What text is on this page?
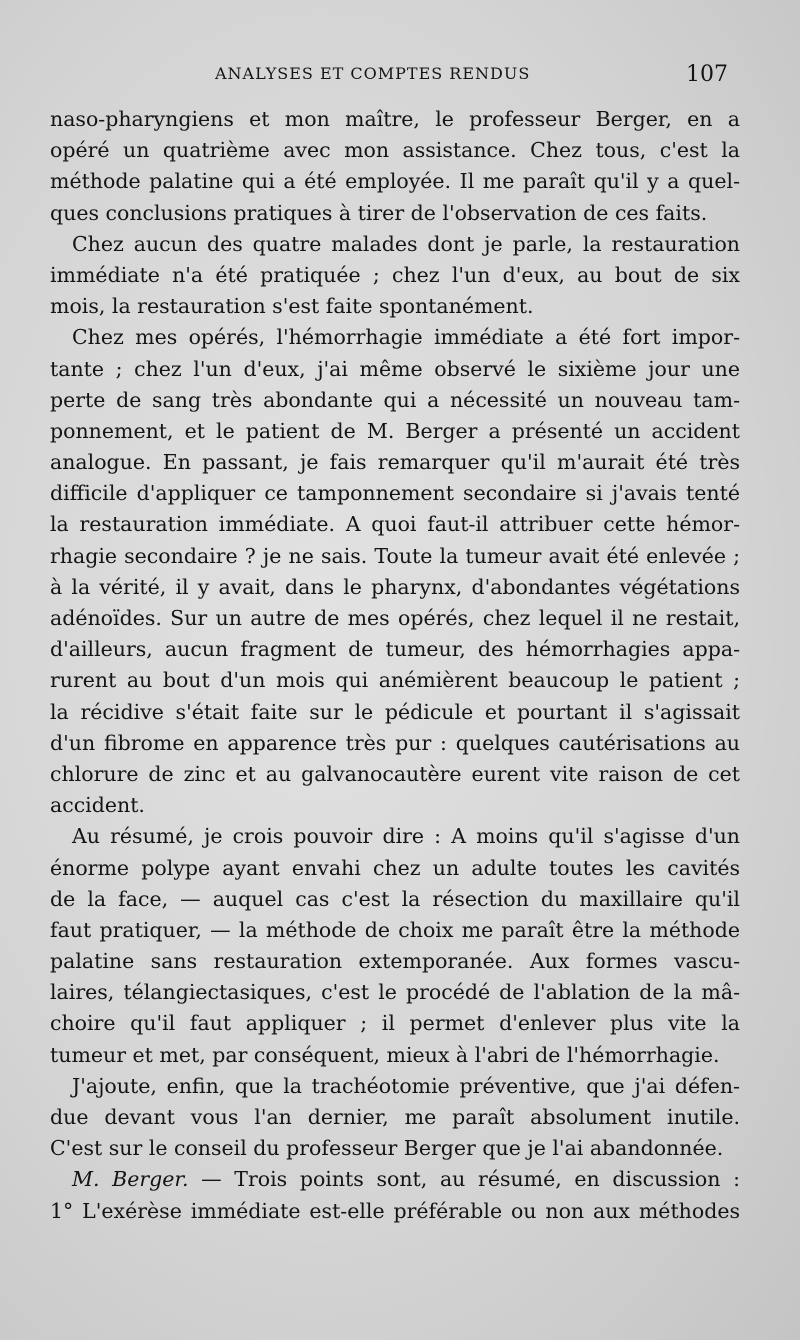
ANALYSES ET COMPTES RENDUS	107
naso-pharyngiens et mon maître, le professeur Berger, en a
opéré un quatrième avec mon assistance. Chez tous, c'est la
méthode palatine qui a été employée. Il me paraît qu'il y a quel-
ques conclusions pratiques à tirer de l'observation de ces faits.
Chez aucun des quatre malades dont je parle, la restauration
immédiate n'a été pratiquée ; chez l'un d'eux, au bout de six
mois, la restauration s'est faite spontanément.
Chez mes opérés, l'hémorrhagie immédiate a été fort impor-
tante ; chez l'un d'eux, j'ai même observé le sixième jour une
perte de sang très abondante qui a nécessité un nouveau tam-
ponnement, et le patient de M. Berger a présenté un accident
analogue. En passant, je fais remarquer qu'il m'aurait été très
difficile d'appliquer ce tamponnement secondaire si j'avais tenté
la restauration immédiate. A quoi faut-il attribuer cette hémor-
rhagie secondaire ? je ne sais. Toute la tumeur avait été enlevée ;
à la vérité, il y avait, dans le pharynx, d'abondantes végétations
adénoïdes. Sur un autre de mes opérés, chez lequel il ne restait,
d'ailleurs, aucun fragment de tumeur, des hémorrhagies appa-
rurent au bout d'un mois qui anémièrent beaucoup le patient ;
la récidive s'était faite sur le pédicule et pourtant il s'agissait
d'un fibrome en apparence très pur : quelques cautérisations au
chlorure de zinc et au galvanocautère eurent vite raison de cet
accident.
Au résumé, je crois pouvoir dire : A moins qu'il s'agisse d'un
énorme polype ayant envahi chez un adulte toutes les cavités
de la face, — auquel cas c'est la résection du maxillaire qu'il
faut pratiquer, — la méthode de choix me paraît être la méthode
palatine sans restauration extemporanée. Aux formes vascu-
laires, télangiectasiques, c'est le procédé de l'ablation de la mâ-
choire qu'il faut appliquer ; il permet d'enlever plus vite la
tumeur et met, par conséquent, mieux à l'abri de l'hémorrhagie.
J'ajoute, enfin, que la trachéotomie préventive, que j'ai défen-
due devant vous l'an dernier, me paraît absolument inutile.
C'est sur le conseil du professeur Berger que je l'ai abandonnée.
M. Berger. — Trois points sont, au résumé, en discussion :
1° L'exérèse immédiate est-elle préférable ou non aux méthodes
